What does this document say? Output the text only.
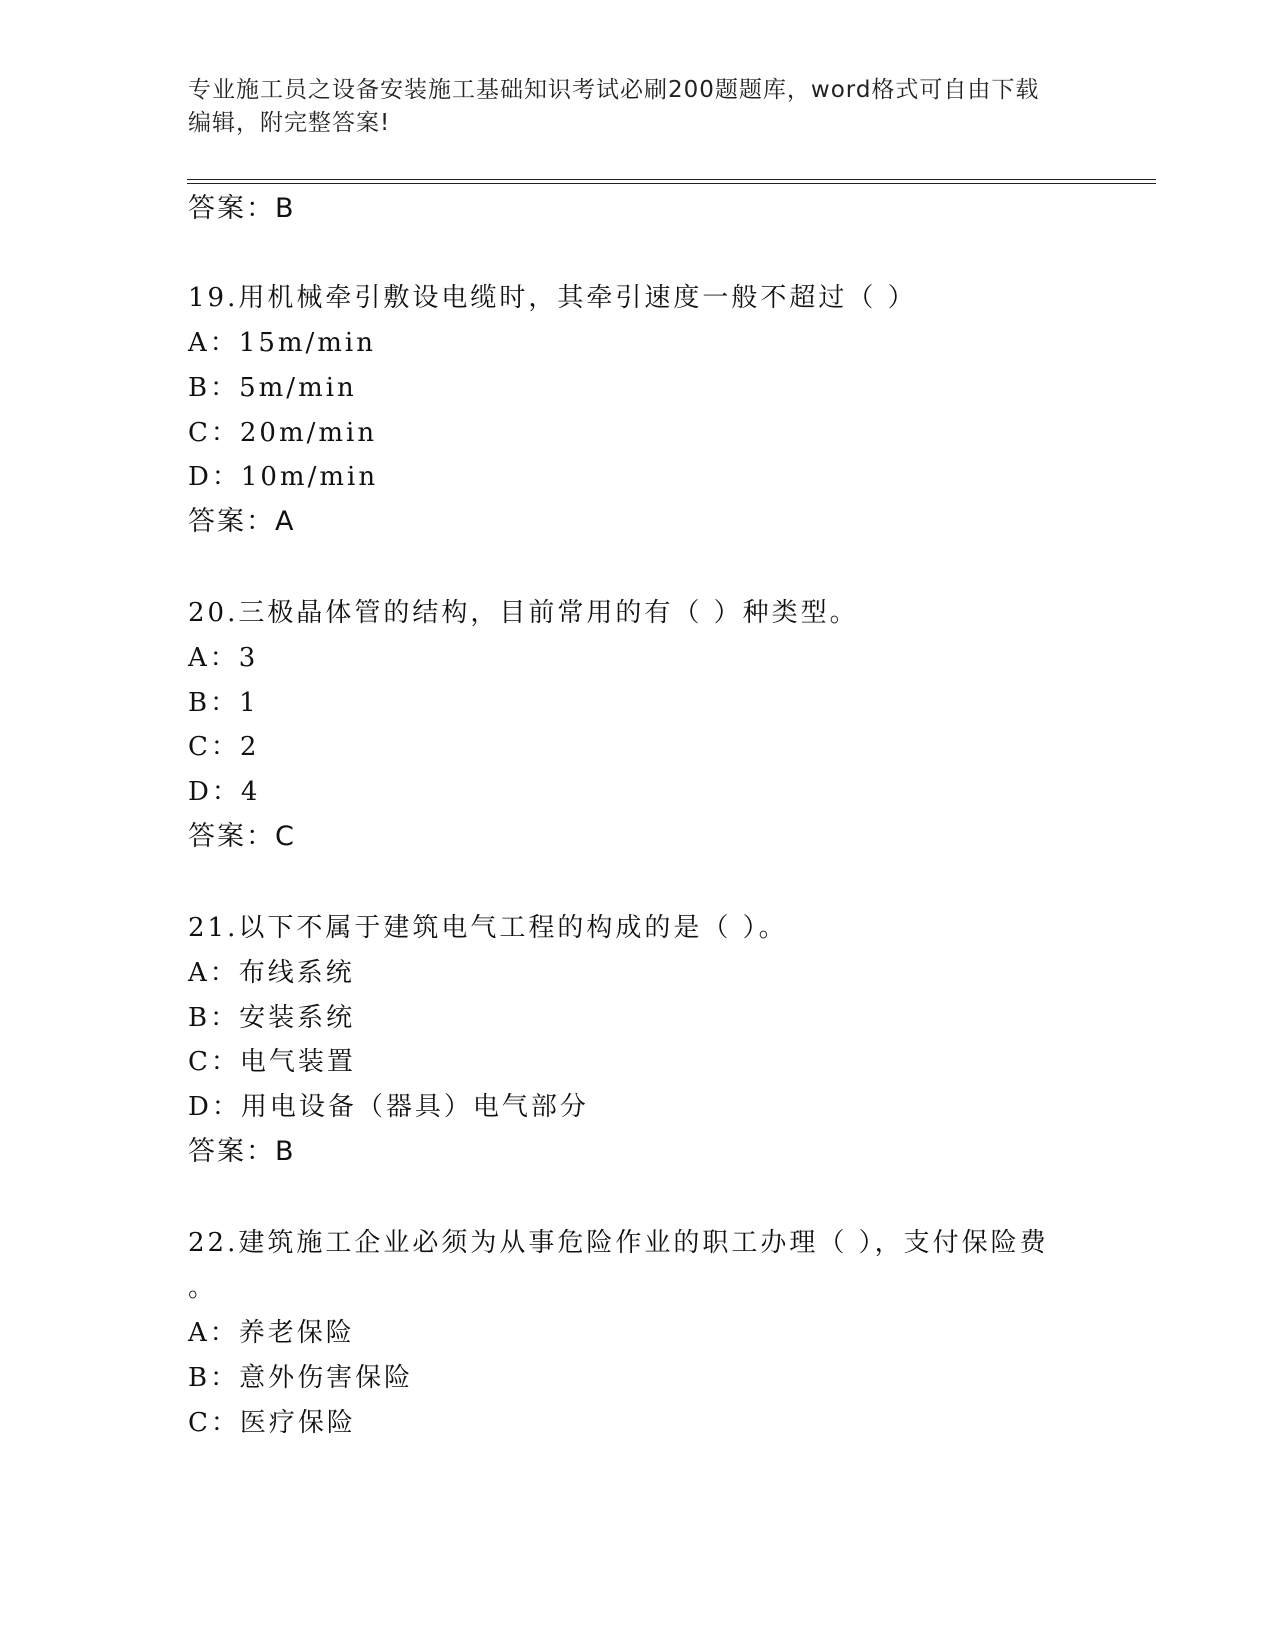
专业施工员之设备安装施工基础知识考试必刷200题题库，word格式可自由下载
编辑，附完整答案!
答案：B
19.用机械牵引敷设电缆时，其牵引速度一般不超过（ ）
A：15m/min
B：5m/min
C：20m/min
D：10m/min
答案：A
20.三极晶体管的结构，目前常用的有（ ）种类型。
A：3
B：1
C：2
D：4
答案：C
21.以下不属于建筑电气工程的构成的是（ ）。
A：布线系统
B：安装系统
C：电气装置
D：用电设备（器具）电气部分
答案：B
22.建筑施工企业必须为从事危险作业的职工办理（ ），支付保险费
。
A：养老保险
B：意外伤害保险
C：医疗保险
